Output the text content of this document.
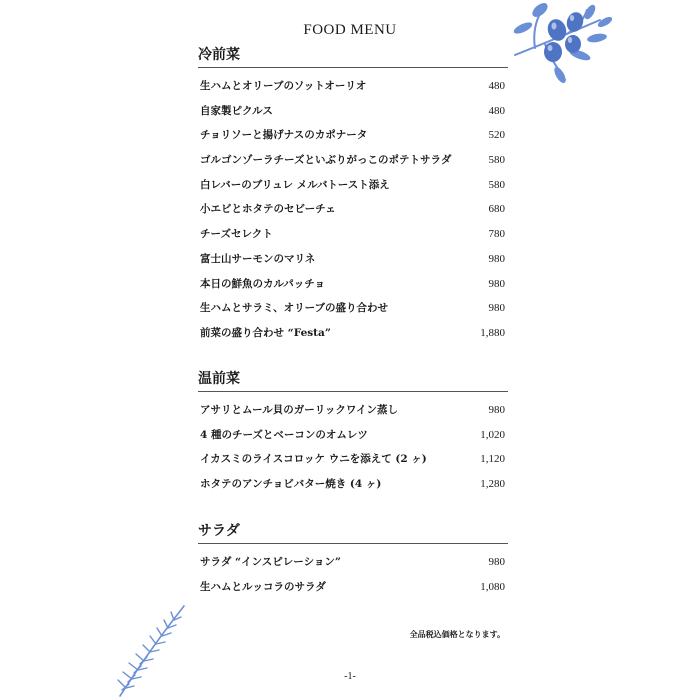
FOOD MENU
冷前菜
生ハムとオリーブのソットオーリオ	480
自家製ピクルス	480
チョリソーと揚げナスのカポナータ	520
ゴルゴンゾーラチーズといぶりがっこのポテトサラダ	580
白レバーのブリュレ メルバトースト添え	580
小エビとホタテのセビーチェ	680
チーズセレクト	780
富士山サーモンのマリネ	980
本日の鮮魚のカルパッチョ	980
生ハムとサラミ、オリーブの盛り合わせ	980
前菜の盛り合わせ “Festa”	1,880
温前菜
アサリとムール貝のガーリックワイン蒸し	980
4 種のチーズとベーコンのオムレツ	1,020
イカスミのライスコロッケ ウニを添えて (2 ヶ)	1,120
ホタテのアンチョビバター焼き (4 ヶ)	1,280
サラダ
サラダ “インスピレーション”	980
生ハムとルッコラのサラダ	1,080
全品税込価格となります。
-1-
